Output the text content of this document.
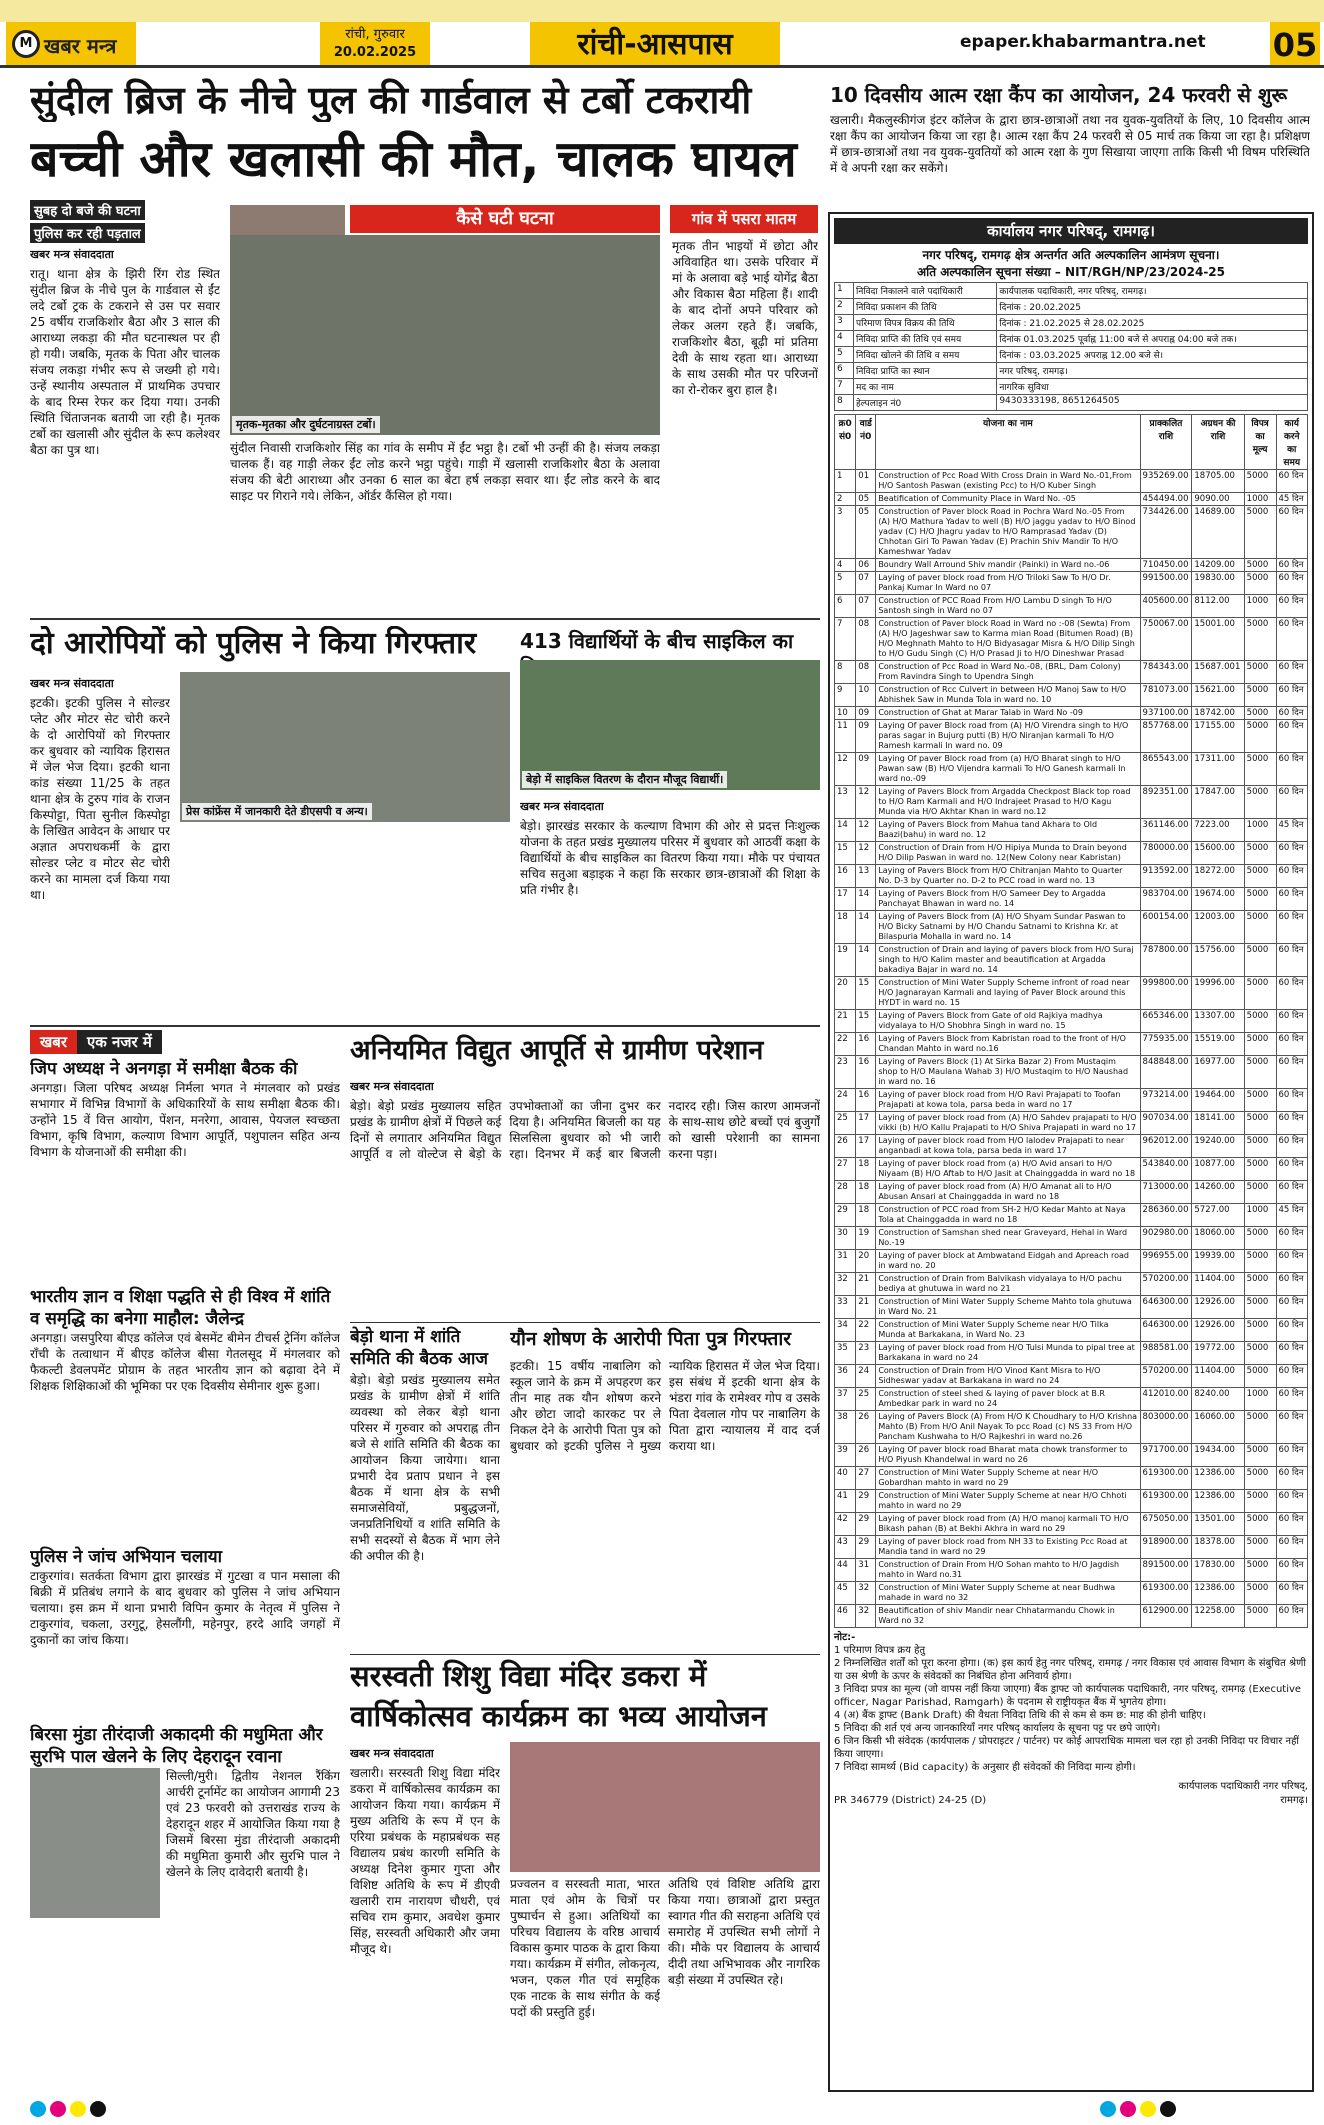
M खबर मन्त्र	रांची, गुरुवार
20.02.2025	रांची-आसपास	epaper.khabarmantra.net	05
सुंदील ब्रिज के नीचे पुल की गार्डवाल से टर्बो टकरायी
बच्ची और खलासी की मौत, चालक घायल
सुबह दो बजे की घटना
पुलिस कर रही पड़ताल
खबर मन्त्र संवाददाता
रातू। थाना क्षेत्र के झिरी रिंग रोड स्थित सुंदील ब्रिज के नीचे पुल के गार्डवाल से ईंट लदे टर्बो ट्रक के टकराने से उस पर सवार 25 वर्षीय राजकिशोर बैठा और 3 साल की आराध्या लकड़ा की मौत घटनास्थल पर ही हो गयी। जबकि, मृतक के पिता और चालक संजय लकड़ा गंभीर रूप से जख्मी हो गये। उन्हें स्थानीय अस्पताल में प्राथमिक उपचार के बाद रिम्स रेफर कर दिया गया। उनकी स्थिति चिंताजनक बतायी जा रही है। मृतक टर्बो का खलासी और सुंदील के रूप कलेश्वर बैठा का पुत्र था।
कैसे घटी घटना
मृतक-मृतका और दुर्घटनाग्रस्त टर्बो।
सुंदील निवासी राजकिशोर सिंह का गांव के समीप में ईंट भट्ठा है। टर्बो भी उन्हीं की है। संजय लकड़ा चालक हैं। वह गाड़ी लेकर ईंट लोड करने भट्ठा पहुंचे। गाड़ी में खलासी राजकिशोर बैठा के अलावा संजय की बेटी आराध्या और उनका 6 साल का बेटा हर्ष लकड़ा सवार था। ईंट लोड करने के बाद साइट पर गिराने गये। लेकिन, ऑर्डर कैंसिल हो गया।
गांव में पसरा मातम
मृतक तीन भाइयों में छोटा और अविवाहित था। उसके परिवार में मां के अलावा बड़े भाई योगेंद्र बैठा और विकास बैठा महिला हैं। शादी के बाद दोनों अपने परिवार को लेकर अलग रहते हैं। जबकि, राजकिशोर बैठा, बूढ़ी मां प्रतिमा देवी के साथ रहता था। आराध्या के साथ उसकी मौत पर परिजनों का रो-रोकर बुरा हाल है।
दो आरोपियों को पुलिस ने किया गिरफ्तार
खबर मन्त्र संवाददाता
इटकी। इटकी पुलिस ने सोल्डर प्लेट और मोटर सेट चोरी करने के दो आरोपियों को गिरफ्तार कर बुधवार को न्यायिक हिरासत में जेल भेज दिया। इटकी थाना कांड संख्या 11/25 के तहत थाना क्षेत्र के टुरुप गांव के राजन किस्पोट्टा, पिता सुनील किस्पोट्टा के लिखित आवेदन के आधार पर अज्ञात अपराधकर्मी के द्वारा सोल्डर प्लेट व मोटर सेट चोरी करने का मामला दर्ज किया गया था।
प्रेस कांफ्रेंस में जानकारी देते डीएसपी व अन्य।
413 विद्यार्थियों के बीच साइकिल का
बेड़ो में साइकिल वितरण के दौरान मौजूद विद्यार्थी।
खबर मन्त्र संवाददाता
बेड़ो। झारखंड सरकार के कल्याण विभाग की ओर से प्रदत्त निःशुल्क योजना के तहत प्रखंड मुख्यालय परिसर में बुधवार को आठवीं कक्षा के विद्यार्थियों के बीच साइकिल का वितरण किया गया। मौके पर पंचायत सचिव सतुआ बड़ाइक ने कहा कि सरकार छात्र-छात्राओं की शिक्षा के प्रति गंभीर है।
खबर	एक नजर में
जिप अध्यक्ष ने अनगड़ा में समीक्षा बैठक की
अनगड़ा। जिला परिषद अध्यक्ष निर्मला भगत ने मंगलवार को प्रखंड सभागार में विभिन्न विभागों के अधिकारियों के साथ समीक्षा बैठक की। उन्होंने 15 वें वित्त आयोग, पेंशन, मनरेगा, आवास, पेयजल स्वच्छता विभाग, कृषि विभाग, कल्याण विभाग आपूर्ति, पशुपालन सहित अन्य विभाग के योजनाओं की समीक्षा की।
भारतीय ज्ञान व शिक्षा पद्धति से ही विश्व में शांति व समृद्धि का बनेगा माहौल: जैलेन्द्र
अनगड़ा। जसपुरिया बीएड कॉलेज एवं बेसमेंट बीमेन टीचर्स ट्रेनिंग कॉलेज राँची के तत्वाधान में बीएड कॉलेज बीसा गेतलसूद में मंगलवार को फैकल्टी डेवलपमेंट प्रोग्राम के तहत भारतीय ज्ञान को बढ़ावा देने में शिक्षक शिक्षिकाओं की भूमिका पर एक दिवसीय सेमीनार शुरू हुआ।
पुलिस ने जांच अभियान चलाया
टाकुरगांव। सतर्कता विभाग द्वारा झारखंड में गुटखा व पान मसाला की बिक्री में प्रतिबंध लगाने के बाद बुधवार को पुलिस ने जांच अभियान चलाया। इस क्रम में थाना प्रभारी विपिन कुमार के नेतृत्व में पुलिस ने टाकुरगांव, चकला, उरगुटू, हेसलौंगी, महेनपुर, हरदे आदि जगहों में दुकानों का जांच किया।
बिरसा मुंडा तीरंदाजी अकादमी की मधुमिता और सुरभि पाल खेलने के लिए देहरादून रवाना
सिल्ली/मुरी। द्वितीय नेशनल रैंकिंग आर्चरी टूर्नामेंट का आयोजन आगामी 23 एवं 23 फरवरी को उत्तराखंड राज्य के देहरादून शहर में आयोजित किया गया है जिसमें बिरसा मुंडा तीरंदाजी अकादमी की मधुमिता कुमारी और सुरभि पाल ने खेलने के लिए दावेदारी बतायी है।
अनियमित विद्युत आपूर्ति से ग्रामीण परेशान
खबर मन्त्र संवाददाता
बेड़ो। बेड़ो प्रखंड मुख्यालय सहित प्रखंड के ग्रामीण क्षेत्रों में पिछले कई दिनों से लगातार अनियमित विद्युत आपूर्ति व लो वोल्टेज से बेड़ो के उपभोक्ताओं का जीना दुभर कर दिया है। अनियमित बिजली का यह सिलसिला बुधवार को भी जारी रहा। दिनभर में कई बार बिजली नदारद रही। जिस कारण आमजनों के साथ-साथ छोटे बच्चों एवं बुजुर्गों को खासी परेशानी का सामना करना पड़ा।
बेड़ो थाना में शांति समिति की बैठक आज
बेड़ो। बेड़ो प्रखंड मुख्यालय समेत प्रखंड के ग्रामीण क्षेत्रों में शांति व्यवस्था को लेकर बेड़ो थाना परिसर में गुरुवार को अपराह्न तीन बजे से शांति समिति की बैठक का आयोजन किया जायेगा। थाना प्रभारी देव प्रताप प्रधान ने इस बैठक में थाना क्षेत्र के सभी समाजसेवियों, प्रबुद्धजनों, जनप्रतिनिधियों व शांति समिति के सभी सदस्यों से बैठक में भाग लेने की अपील की है।
यौन शोषण के आरोपी पिता पुत्र गिरफ्तार
इटकी। 15 वर्षीय नाबालिग को स्कूल जाने के क्रम में अपहरण कर तीन माह तक यौन शोषण करने और छोटा जादो कारकट पर ले निकल देने के आरोपी पिता पुत्र को बुधवार को इटकी पुलिस ने मुख्य न्यायिक हिरासत में जेल भेज दिया। इस संबंध में इटकी थाना क्षेत्र के भंडरा गांव के रामेश्वर गोप व उसके पिता देवलाल गोप पर नाबालिग के पिता द्वारा न्यायालय में वाद दर्ज कराया था।
सरस्वती शिशु विद्या मंदिर डकरा में
वार्षिकोत्सव कार्यक्रम का भव्य आयोजन
खबर मन्त्र संवाददाता
खलारी। सरस्वती शिशु विद्या मंदिर डकरा में वार्षिकोत्सव कार्यक्रम का आयोजन किया गया। कार्यक्रम में मुख्य अतिथि के रूप में एन के एरिया प्रबंधक के महाप्रबंधक सह विद्यालय प्रबंध कारणी समिति के अध्यक्ष दिनेश कुमार गुप्ता और विशिष्ट अतिथि के रूप में डीएवी खलारी राम नारायण चौधरी, एवं सचिव राम कुमार, अवधेश कुमार सिंह, सरस्वती अधिकारी और जमा मौजूद थे।
प्रज्वलन व सरस्वती माता, भारत माता एवं ओम के चित्रों पर पुष्पार्चन से हुआ। अतिथियों का परिचय विद्यालय के वरिष्ठ आचार्य विकास कुमार पाठक के द्वारा किया गया। कार्यक्रम में संगीत, लोकनृत्य, भजन, एकल गीत एवं समूहिक एक नाटक के साथ संगीत के कई पदों की प्रस्तुति हुई।
अतिथि एवं विशिष्ट अतिथि द्वारा किया गया। छात्राओं द्वारा प्रस्तुत स्वागत गीत की सराहना अतिथि एवं समारोह में उपस्थित सभी लोगों ने की। मौके पर विद्यालय के आचार्य दीदी तथा अभिभावक और नागरिक बड़ी संख्या में उपस्थित रहे।
10 दिवसीय आत्म रक्षा कैंप का आयोजन, 24 फरवरी से शुरू
खलारी। मैकलुस्कीगंज इंटर कॉलेज के द्वारा छात्र-छात्राओं तथा नव युवक-युवतियों के लिए, 10 दिवसीय आत्म रक्षा कैंप का आयोजन किया जा रहा है। आत्म रक्षा कैंप 24 फरवरी से 05 मार्च तक किया जा रहा है। प्रशिक्षण में छात्र-छात्राओं तथा नव युवक-युवतियों को आत्म रक्षा के गुण सिखाया जाएगा ताकि किसी भी विषम परिस्थिति में वे अपनी रक्षा कर सकेंगे।
कार्यालय नगर परिषद्, रामगढ़।
नगर परिषद्, रामगढ़ क्षेत्र अन्तर्गत अति अल्पकालिन आमंत्रण सूचना।
अति अल्पकालिन सूचना संख्या – NIT/RGH/NP/23/2024-25
1	निविदा निकालने वाले पदाधिकारी	कार्यपालक पदाधिकारी, नगर परिषद्, रामगढ़।
2	निविदा प्रकाशन की तिथि	दिनांक : 20.02.2025
3	परिमाण विपत्र विक्रय की तिथि	दिनांक : 21.02.2025 से 28.02.2025
4	निविदा प्राप्ति की तिथि एवं समय	दिनांक 01.03.2025 पूर्वाह्न 11:00 बजे से अपराह्न 04:00 बजे तक।
5	निविदा खोलने की तिथि व समय	दिनांक : 03.03.2025 अपराह्न 12.00 बजे से।
6	निविदा प्राप्ति का स्थान	नगर परिषद्, रामगढ़।
7	मद का नाम	नागरिक सुविधा
8	हेल्पलाइन नं0	9430333198, 8651264505
क्र0 सं0	वार्ड नं0	योजना का नाम	प्राक्कलित राशि	अग्रधन की राशि	विपत्र का मूल्य	कार्य करने का समय
1	01	Construction of Pcc Road With Cross Drain in Ward No.-01,From H/O Santosh Paswan (existing Pcc) to H/O Kuber Singh	935269.00	18705.00	5000	60 दिन
2	05	Beatification of Community Place in Ward No. -05	454494.00	9090.00	1000	45 दिन
3	05	Construction of Paver block Road in Pochra Ward No.-05 From (A) H/O Mathura Yadav to well (B) H/O jaggu yadav to H/O Binod yadav (C) H/O Jhagru yadav to H/O Ramprasad Yadav (D) Chhotan Giri To Pawan Yadav (E) Prachin Shiv Mandir To H/O Kameshwar Yadav	734426.00	14689.00	5000	60 दिन
4	06	Boundry Wall Arround Shiv mandir (Painki) in Ward no.-06	710450.00	14209.00	5000	60 दिन
5	07	Laying of paver block road from H/O Triloki Saw To H/O Dr. Pankaj Kumar In Ward no 07	991500.00	19830.00	5000	60 दिन
6	07	Construction of PCC Road From H/O Lambu D singh To H/O Santosh singh in Ward no 07	405600.00	8112.00	1000	60 दिन
7	08	Construction of Paver block Road in Ward no :-08 (Sewta) From (A) H/O Jageshwar saw to Karma mian Road (Bitumen Road) (B) H/O Meghnath Mahto to H/O Bidyasagar Misra & H/O Dilip Singh to H/O Gudu Singh (C) H/O Prasad Ji to H/O Dineshwar Prasad	750067.00	15001.00	5000	60 दिन
8	08	Construction of Pcc Road in Ward No.-08, (BRL, Dam Colony) From Ravindra Singh to Upendra Singh	784343.00	15687.001	5000	60 दिन
9	10	Construction of Rcc Culvert in between H/O Manoj Saw to H/O Abhishek Saw in Munda Tola in ward no. 10	781073.00	15621.00	5000	60 दिन
10	09	Construction of Ghat at Marar Talab in Ward No -09	937100.00	18742.00	5000	60 दिन
11	09	Laying Of paver Block road from (A) H/O Virendra singh to H/O paras sagar in Bujurg putti (B) H/O Niranjan karmali To H/O Ramesh karmali In ward no. 09	857768.00	17155.00	5000	60 दिन
12	09	Laying Of paver Block road from (a) H/O Bharat singh to H/O Pawan saw (B) H/O Vijendra karmali To H/O Ganesh karmali In ward no.-09	865543.00	17311.00	5000	60 दिन
13	12	Laying of Pavers Block from Argadda Checkpost Black top road to H/O Ram Karmali and H/O Indrajeet Prasad to H/O Kagu Munda via H/O Akhtar Khan in ward no.12	892351.00	17847.00	5000	60 दिन
14	12	Laying of Pavers Block from Mahua tand Akhara to Old Baazi(bahu) in ward no. 12	361146.00	7223.00	1000	45 दिन
15	12	Construction of Drain from H/O Hipiya Munda to Drain beyond H/O Dilip Paswan in ward no. 12(New Colony near Kabristan)	780000.00	15600.00	5000	60 दिन
16	13	Laying of Pavers Block from H/O Chitranjan Mahto to Quarter No. D-3 by Quarter no. D-2 to PCC road in ward no. 13	913592.00	18272.00	5000	60 दिन
17	14	Laying of Pavers Block from H/O Sameer Dey to Argadda Panchayat Bhawan in ward no. 14	983704.00	19674.00	5000	60 दिन
18	14	Laying of Pavers Block from (A) H/O Shyam Sundar Paswan to H/O Bicky Satnami by H/O Chandu Satnami to Krishna Kr. at Bilaspuria Mohalla in ward no. 14	600154.00	12003.00	5000	60 दिन
19	14	Construction of Drain and laying of pavers block from H/O Suraj singh to H/O Kalim master and beautification at Argadda bakadiya Bajar in ward no. 14	787800.00	15756.00	5000	60 दिन
20	15	Construction of Mini Water Supply Scheme infront of road near H/O Jagnarayan Karmali and laying of Paver Block around this HYDT in ward no. 15	999800.00	19996.00	5000	60 दिन
21	15	Laying of Pavers Block from Gate of old Rajkiya madhya vidyalaya to H/O Shobhra Singh in ward no. 15	665346.00	13307.00	5000	60 दिन
22	16	Laying of Pavers Block from Kabristan road to the front of H/O Chandan Mahto in ward no.16	775935.00	15519.00	5000	60 दिन
23	16	Laying of Pavers Block (1) At Sirka Bazar 2) From Mustaqim shop to H/O Maulana Wahab 3) H/O Mustaqim to H/O Naushad in ward no. 16	848848.00	16977.00	5000	60 दिन
24	16	Laying of paver block road from H/O Ravi Prajapati to Toofan Prajapati at kowa tola, parsa beda in ward no 17	973214.00	19464.00	5000	60 दिन
25	17	Laying of paver block road from (A) H/O Sahdev prajapati to H/O vikki (b) H/O Kallu Prajapati to H/O Shiva Prajapati in ward no 17	907034.00	18141.00	5000	60 दिन
26	17	Laying of paver block road from H/O lalodev Prajapati to near anganbadi at kowa tola, parsa beda in ward 17	962012.00	19240.00	5000	60 दिन
27	18	Laying of paver block road from (a) H/O Avid ansari to H/O Niyaam (B) H/O Aftab to H/O Jasit at Chainggadda in ward no 18	543840.00	10877.00	5000	60 दिन
28	18	Laying of paver block road from (A) H/O Amanat ali to H/O Abusan Ansari at Chainggadda in ward no 18	713000.00	14260.00	5000	60 दिन
29	18	Construction of PCC road from SH-2 H/O Kedar Mahto at Naya Tola at Chainggadda in ward no 18	286360.00	5727.00	1000	45 दिन
30	19	Construction of Samshan shed near Graveyard, Hehal in Ward No.-19	902980.00	18060.00	5000	60 दिन
31	20	Laying of paver block at Ambwatand Eidgah and Apreach road in ward no. 20	996955.00	19939.00	5000	60 दिन
32	21	Construction of Drain from Balvikash vidyalaya to H/O pachu bediya at ghutuwa in ward no 21	570200.00	11404.00	5000	60 दिन
33	21	Construction of Mini Water Supply Scheme Mahto tola ghutuwa in Ward No. 21	646300.00	12926.00	5000	60 दिन
34	22	Construction of Mini Water Supply Scheme near H/O Tilka Munda at Barkakana, in Ward No. 23	646300.00	12926.00	5000	60 दिन
35	23	Laying of paver block road from H/O Tulsi Munda to pipal tree at Barkakana in ward no 24	988581.00	19772.00	5000	60 दिन
36	24	Construction of Drain from H/O Vinod Kant Misra to H/O Sidheswar yadav at Barkakana in ward no 24	570200.00	11404.00	5000	60 दिन
37	25	Construction of steel shed & laying of paver block at B.R Ambedkar park in ward no 24	412010.00	8240.00	1000	60 दिन
38	26	Laying of Pavers Block (A) From H/O K Choudhary to H/O Krishna Mahto (B) From H/O Anil Nayak To pcc Road (c) NS 33 From H/O Pancham Kushwaha to H/O Rajkeshri in ward no.26	803000.00	16060.00	5000	60 दिन
39	26	Laying Of paver block road Bharat mata chowk transformer to H/O Piyush Khandelwal in ward no 26	971700.00	19434.00	5000	60 दिन
40	27	Construction of Mini Water Supply Scheme at near H/O Gobardhan mahto in ward no 29	619300.00	12386.00	5000	60 दिन
41	29	Construction of Mini Water Supply Scheme at near H/O Chhoti mahto in ward no 29	619300.00	12386.00	5000	60 दिन
42	29	Laying of paver block road from (A) H/O manoj karmali TO H/O Bikash pahan (B) at Bekhi Akhra in ward no 29	675050.00	13501.00	5000	60 दिन
43	29	Laying of paver block road from NH 33 to Existing Pcc Road at Mandia tand in ward no 29	918900.00	18378.00	5000	60 दिन
44	31	Construction of Drain From H/O Sohan mahto to H/O Jagdish mahto in Ward no.31	891500.00	17830.00	5000	60 दिन
45	32	Construction of Mini Water Supply Scheme at near Budhwa mahade in ward no 32	619300.00	12386.00	5000	60 दिन
46	32	Beautification of shiv Mandir near Chhatarmandu Chowk in Ward no 32	612900.00	12258.00	5000	60 दिन
नोट:-
1 परिमाण विपत्र क्रय हेतु
2 निम्नलिखित शर्तों को पूरा करना होगा। (क) इस कार्य हेतु नगर परिषद्, रामगढ़ / नगर विकास एवं आवास विभाग के संबुचित श्रेणी या उस श्रेणी के ऊपर के संवेदकों का निबंधित होना अनिवार्य होगा।
3 निविदा प्रपत्र का मूल्य (जो वापस नहीं किया जाएगा) बैंक ड्राफ्ट जो कार्यपालक पदाधिकारी, नगर परिषद्, रामगढ़ (Executive officer, Nagar Parishad, Ramgarh) के पदनाम से राष्ट्रीयकृत बैंक में भुगतेय होगा।
4 (अ) बैंक ड्राफ्ट (Bank Draft) की वैधता निविदा तिथि की से कम से कम छ: माह की होनी चाहिए।
5 निविदा की शर्त एवं अन्य जानकारियाँ नगर परिषद् कार्यालय के सूचना पट्ट पर छपे जाएंगे।
6 जिन किसी भी संवेदक (कार्यपालक / प्रोपराइटर / पार्टनर) पर कोई आपराधिक मामला चल रहा हो उनकी निविदा पर विचार नहीं किया जाएगा।
7 निविदा सामर्थ्य (Bid capacity) के अनुसार ही संवेदकों की निविदा मान्य होगी।
PR 346779 (District) 24-25 (D)
कार्यपालक पदाधिकारी नगर परिषद्, रामगढ़।
